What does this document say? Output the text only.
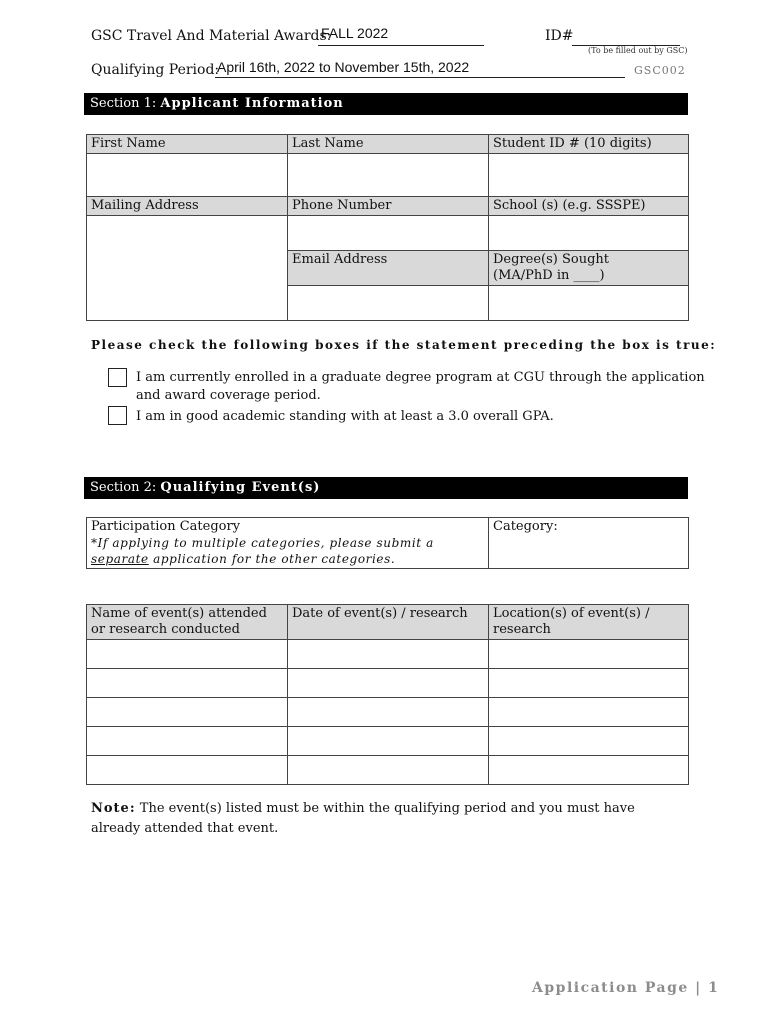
GSC Travel And Material Awards:
FALL 2022	ID#
(To be filled out by GSC)
Qualifying Period:
April 16th, 2022 to November 15th, 2022	GSC002
Section 1: Applicant Information
First Name	Last Name	Student ID # (10 digits)

Mailing Address	Phone Number	School (s) (e.g. SSSPE)

	Email Address	Degree(s) Sought
(MA/PhD in ____)

Please check the following boxes if the statement preceding the box is true:
I am currently enrolled in a graduate degree program at CGU through the application
and award coverage period.
I am in good academic standing with at least a 3.0 overall GPA.
Section 2: Qualifying Event(s)
Participation Category
*If applying to multiple categories, please submit a separate application for the other categories.
	Category:
Name of event(s) attended or research conducted	Date of event(s) / research	Location(s) of event(s) / research

Note: The event(s) listed must be within the qualifying period and you must have already attended that event.
Application Page | 1
